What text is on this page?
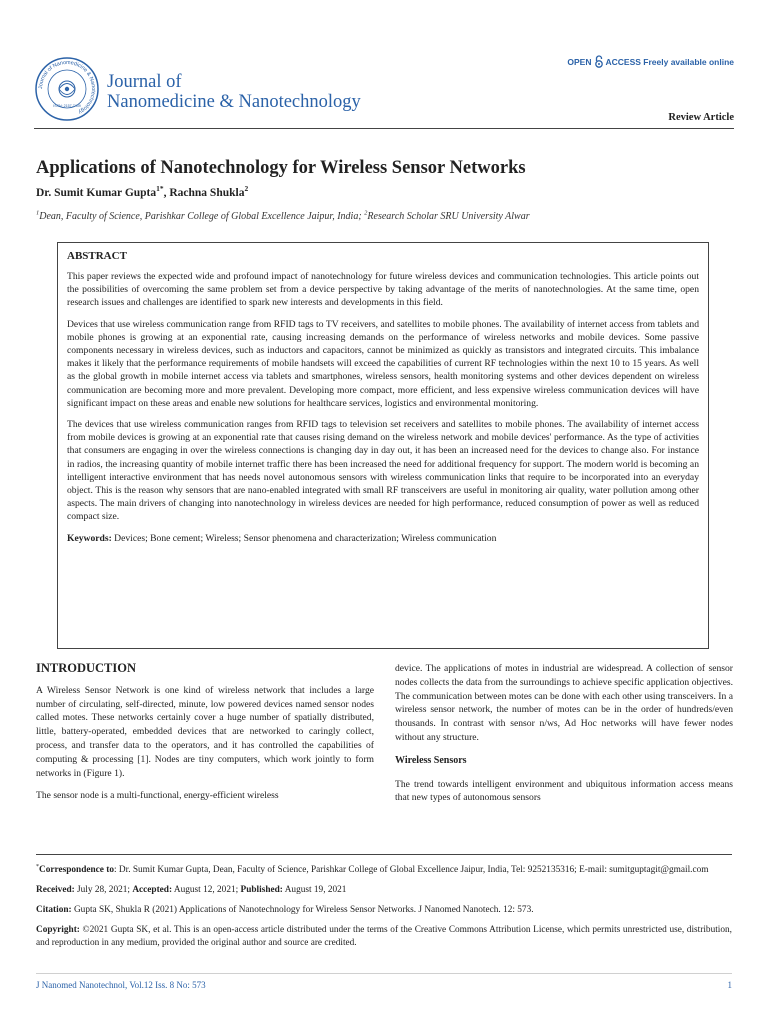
Journal of Nanomedicine & Nanotechnology
ISSN: 2157-7439
Journal of
Nanomedicine & Nanotechnology
OPEN ACCESS Freely available online
Review Article
Applications of Nanotechnology for Wireless Sensor Networks
Dr. Sumit Kumar Gupta$^{1*}$, Rachna Shukla$^2$
$^1$Dean, Faculty of Science, Parishkar College of Global Excellence Jaipur, India; $^2$Research Scholar SRU University Alwar
ABSTRACT

This paper reviews the expected wide and profound impact of nanotechnology for future wireless devices and communication technologies. This article points out the possibilities of overcoming the same problem set from a device perspective by taking advantage of the merits of nanotechnologies. At the same time, open research issues and challenges are identified to spark new interests and developments in this field.

Devices that use wireless communication range from RFID tags to TV receivers, and satellites to mobile phones. The availability of internet access from tablets and mobile phones is growing at an exponential rate, causing increasing demands on the performance of wireless networks and mobile devices. Some passive components necessary in wireless devices, such as inductors and capacitors, cannot be minimized as quickly as transistors and integrated circuits. This imbalance makes it likely that the performance requirements of mobile handsets will exceed the capabilities of current RF technologies within the next 10 to 15 years. As well as the global growth in mobile internet access via tablets and smartphones, wireless sensors, health monitoring systems and other devices dependent on wireless communication are becoming more and more prevalent. Developing more compact, more efficient, and less expensive wireless communication devices will have significant impact on these areas and enable new solutions for healthcare services, logistics and environmental monitoring.

The devices that use wireless communication ranges from RFID tags to television set receivers and satellites to mobile phones. The availability of internet access from mobile devices is growing at an exponential rate that causes rising demand on the wireless network and mobile devices' performance. As the type of activities that consumers are engaging in over the wireless connections is changing day in day out, it has been an increased need for the devices to change also. For instance in radios, the increasing quantity of mobile internet traffic there has been increased the need for additional frequency for support. The modern world is becoming an intelligent interactive environment that has needs novel autonomous sensors with wireless communication links that require to be incorporated into an everyday object. This is the reason why sensors that are nano-enabled integrated with small RF transceivers are useful in monitoring air quality, water pollution among other aspects. The main drivers of changing into nanotechnology in wireless devices are needed for high performance, reduced consumption of power as well as reduced compact size.

Keywords: Devices; Bone cement; Wireless; Sensor phenomena and characterization; Wireless communication
INTRODUCTION

A Wireless Sensor Network is one kind of wireless network that includes a large number of circulating, self-directed, minute, low powered devices named sensor nodes called motes. These networks certainly cover a huge number of spatially distributed, little, battery-operated, embedded devices that are networked to caringly collect, process, and transfer data to the operators, and it has controlled the capabilities of computing & processing [1]. Nodes are tiny computers, which work jointly to form networks in (Figure 1).

The sensor node is a multi-functional, energy-efficient wireless

device. The applications of motes in industrial are widespread. A collection of sensor nodes collects the data from the surroundings to achieve specific application objectives. The communication between motes can be done with each other using transceivers. In a wireless sensor network, the number of motes can be in the order of hundreds/even thousands. In contrast with sensor n/ws, Ad Hoc networks will have fewer nodes without any structure.

Wireless Sensors

The trend towards intelligent environment and ubiquitous information access means that new types of autonomous sensors

*Correspondence to: Dr. Sumit Kumar Gupta, Dean, Faculty of Science, Parishkar College of Global Excellence Jaipur, India, Tel: 9252135316; E-mail: sumitguptagit@gmail.com

Received: July 28, 2021; Accepted: August 12, 2021; Published: August 19, 2021

Citation: Gupta SK, Shukla R (2021) Applications of Nanotechnology for Wireless Sensor Networks. J Nanomed Nanotech. 12: 573.

Copyright: ©2021 Gupta SK, et al. This is an open-access article distributed under the terms of the Creative Commons Attribution License, which permits unrestricted use, distribution, and reproduction in any medium, provided the original author and source are credited.

J Nanomed Nanotechnol, Vol.12 Iss. 8 No: 573	1
